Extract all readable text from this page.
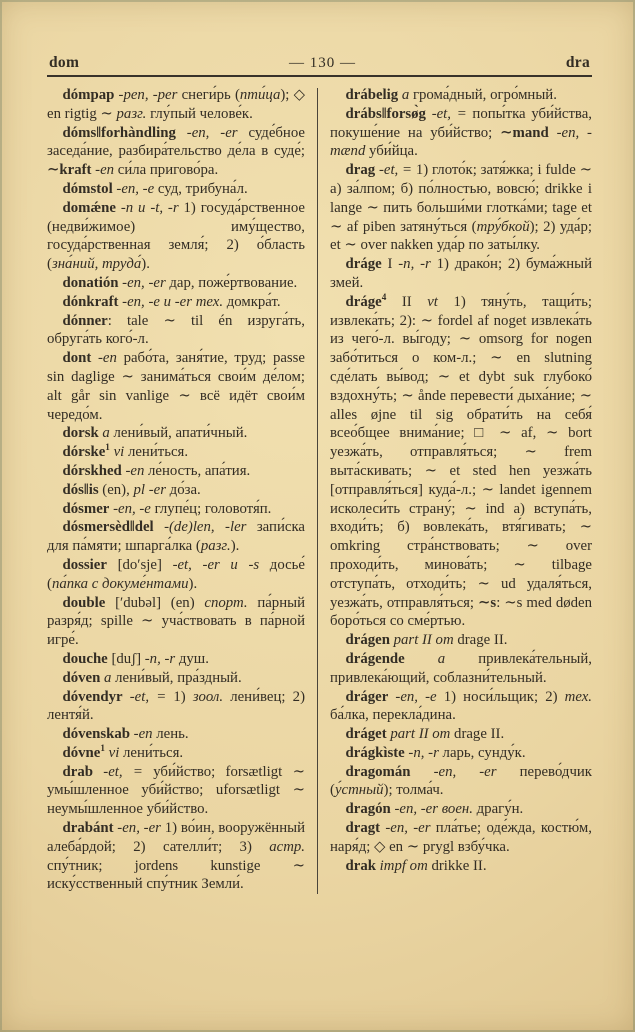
dom	— 130 —	dra

dómpap -pen, -per снеги́рь (пти́ца); ◇ en rigtig ∼ разг. глу́пый челове́к.

dóms‖forhàndling -en, -er суде́бное заседа́ние, разбира́тельство де́ла в суде́; ∼kraft -en си́ла пригово́ра.

dómstol -en, -e суд, трибуна́л.

domǽne -n u -t, -r 1) госуда́рственное (недви́жимое) иму́щество, госуда́рственная земля́; 2) о́бласть (зна́ний, труда́).

donatión -en, -er дар, поже́ртвование.

dónkraft -en, -e u -er тех. домкра́т.

dónner: tale ∼ til én изруга́ть, обруга́ть кого́-л.

dont -en рабо́та, заня́тие, труд; passe sin daglige ∼ занима́ться свои́м де́лом; alt går sin vanlige ∼ всё идёт свои́м чередо́м.

dorsk a лени́вый, апати́чный.

dórske$^1$ vi лени́ться.

dórskhed -en ле́ность, апа́тия.

dós‖is (en), pl -er до́за.

dósmer -en, -e глупе́ц; головотя́п.

dósmersèd‖del -(de)len, -ler запи́ска для па́мяти; шпарга́лка (разг.).

dossier [doʹsje] -et, -er u -s досье́ (па́пка с докуме́нтами).

double [ʹdubəl] (en) спорт. па́рный разря́д; spille ∼ уча́ствовать в па́рной игре́.

douche [duʃ] -n, -r душ.

dóven a лени́вый, пра́здный.

dóvendyr -et, = 1) зоол. лени́вец; 2) лентя́й.

dóvenskab -en лень.

dóvne$^1$ vi лени́ться.

drab -et, = уби́йство; forsætligt ∼ умы́шленное уби́йство; uforsætligt ∼ неумы́шленное уби́йство.

drabánt -en, -er 1) во́ин, вооружённый алеба́рдой; 2) сателли́т; 3) астр. спу́тник; jordens kunstige ∼ иску́сственный спу́тник Земли́.

drábelig a грома́дный, огро́мный.

drábs‖forsø̀g -et, = попы́тка уби́йства, покуше́ние на уби́йство; ∼mand -en, -mænd уби́йца.

drag -et, = 1) глото́к; затя́жка; i fulde ∼ а) за́лпом; б) по́лностью, вовсю́; drikke i lange ∼ пить больши́ми глотка́ми; tage et ∼ af piben затяну́ться (тру́бкой); 2) уда́р; et ∼ over nakken уда́р по заты́лку.

dráge I -n, -r 1) драко́н; 2) бума́жный змей.

dráge$^4$ II vt 1) тяну́ть, тащи́ть; извлека́ть; 2): ∼ fordel af noget извлека́ть из чего́-л. вы́году; ∼ omsorg for nogen забо́титься о ком-л.; ∼ en slutning сде́лать вы́вод; ∼ et dybt suk глубоко́ вздохну́ть; ∼ ånde перевести́ дыха́ние; ∼ alles øjne til sig обрати́ть на себя́ всео́бщее внима́ние; □ ∼ af, ∼ bort уезжа́ть, отправля́ться; ∼ frem выта́скивать; ∼ et sted hen уезжа́ть [отправля́ться] куда́-л.; ∼ landet igennem исколеси́ть страну́; ∼ ind а) вступа́ть, входи́ть; б) вовлека́ть, втя́гивать; ∼ omkring стра́нствовать; ∼ over проходи́ть, минова́ть; ∼ tilbage отступа́ть, отходи́ть; ∼ ud удаля́ться, уезжа́ть, отправля́ться; ∼s: ∼s med døden боро́ться со сме́ртью.

drágen part II om drage II.

drágende a привлека́тельный, привлека́ющий, соблазни́тельный.

dráger -en, -e 1) носи́льщик; 2) тех. ба́лка, перекла́дина.

dráget part II om drage II.

drágkìste -n, -r ларь, сунду́к.

dragomán -en, -er перево́дчик (у́стный); толма́ч.

dragón -en, -er воен. драгу́н.

dragt -en, -er пла́тье; оде́жда, костю́м, наря́д; ◇ en ∼ prygl взбу́чка.

drak impf om drikke II.
